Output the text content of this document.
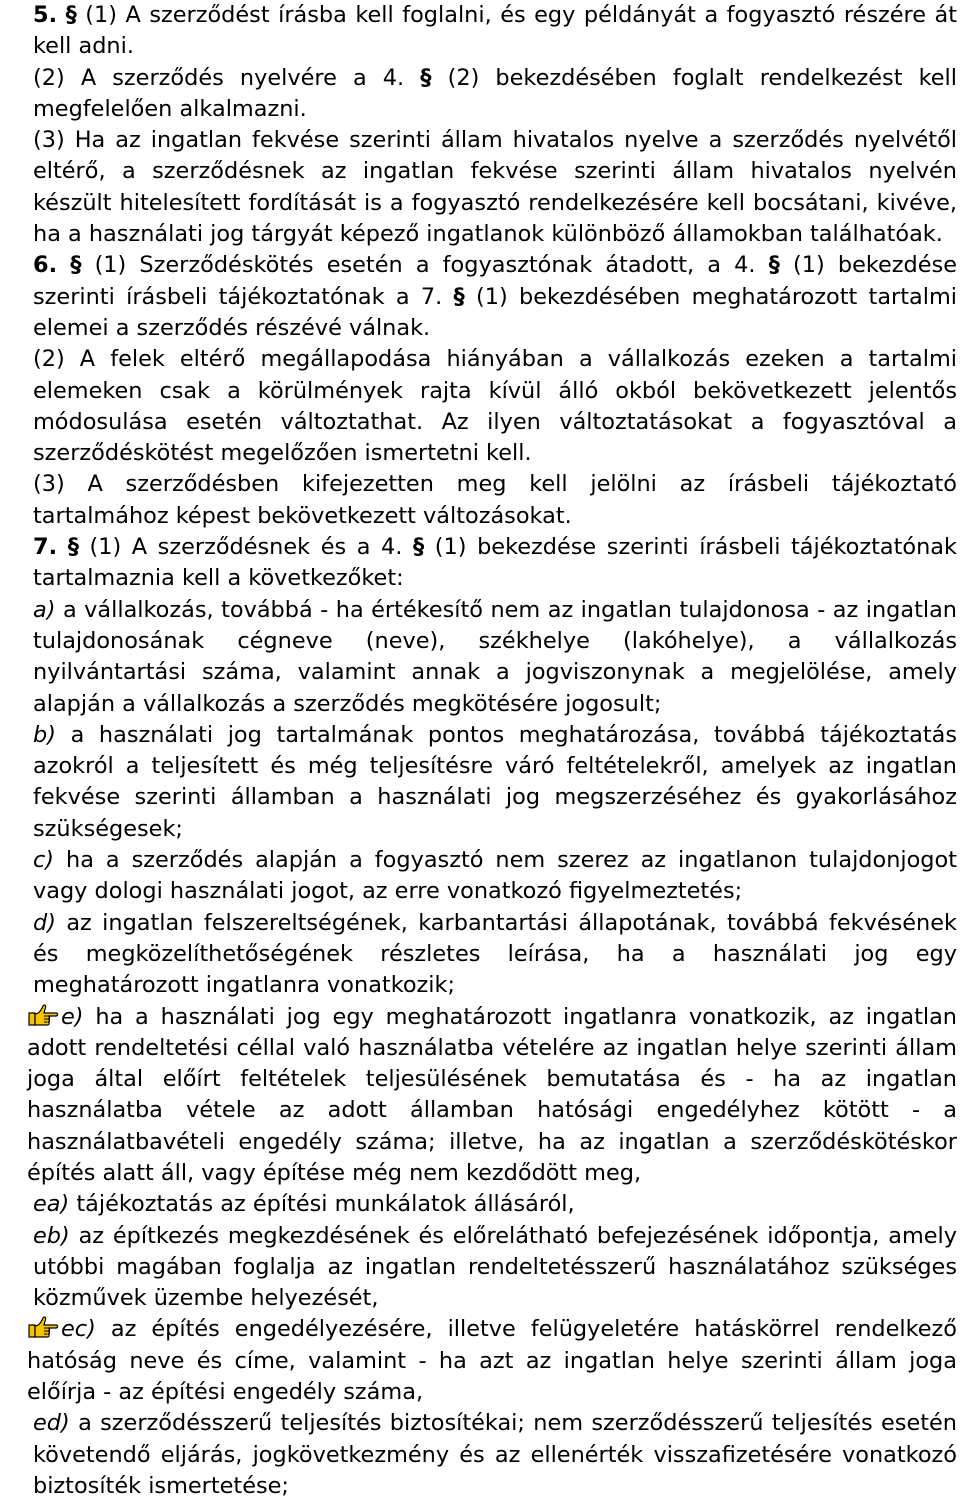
5. § (1) A szerződést írásba kell foglalni, és egy példányát a fogyasztó részére át kell adni.

(2) A szerződés nyelvére a 4. § (2) bekezdésében foglalt rendelkezést kell megfelelően alkalmazni.

(3) Ha az ingatlan fekvése szerinti állam hivatalos nyelve a szerződés nyelvétől eltérő, a szerződésnek az ingatlan fekvése szerinti állam hivatalos nyelvén készült hitelesített fordítását is a fogyasztó rendelkezésére kell bocsátani, kivéve, ha a használati jog tárgyát képező ingatlanok különböző államokban találhatóak.

6. § (1) Szerződéskötés esetén a fogyasztónak átadott, a 4. § (1) bekezdése szerinti írásbeli tájékoztatónak a 7. § (1) bekezdésében meghatározott tartalmi elemei a szerződés részévé válnak.

(2) A felek eltérő megállapodása hiányában a vállalkozás ezeken a tartalmi elemeken csak a körülmények rajta kívül álló okból bekövetkezett jelentős módosulása esetén változtathat. Az ilyen változtatásokat a fogyasztóval a szerződéskötést megelőzően ismertetni kell.

(3) A szerződésben kifejezetten meg kell jelölni az írásbeli tájékoztató tartalmához képest bekövetkezett változásokat.

7. § (1) A szerződésnek és a 4. § (1) bekezdése szerinti írásbeli tájékoztatónak tartalmaznia kell a következőket:

a) a vállalkozás, továbbá - ha értékesítő nem az ingatlan tulajdonosa - az ingatlan tulajdonosának cégneve (neve), székhelye (lakóhelye), a vállalkozás nyilvántartási száma, valamint annak a jogviszonynak a megjelölése, amely alapján a vállalkozás a szerződés megkötésére jogosult;

b) a használati jog tartalmának pontos meghatározása, továbbá tájékoztatás azokról a teljesített és még teljesítésre váró feltételekről, amelyek az ingatlan fekvése szerinti államban a használati jog megszerzéséhez és gyakorlásához szükségesek;

c) ha a szerződés alapján a fogyasztó nem szerez az ingatlanon tulajdonjogot vagy dologi használati jogot, az erre vonatkozó figyelmeztetés;

d) az ingatlan felszereltségének, karbantartási állapotának, továbbá fekvésének és megközelíthetőségének részletes leírása, ha a használati jog egy meghatározott ingatlanra vonatkozik;

e) ha a használati jog egy meghatározott ingatlanra vonatkozik, az ingatlan adott rendeltetési céllal való használatba vételére az ingatlan helye szerinti állam joga által előírt feltételek teljesülésének bemutatása és - ha az ingatlan használatba vétele az adott államban hatósági engedélyhez kötött - a használatbavételi engedély száma; illetve, ha az ingatlan a szerződéskötéskor építés alatt áll, vagy építése még nem kezdődött meg,

ea) tájékoztatás az építési munkálatok állásáról,

eb) az építkezés megkezdésének és előrelátható befejezésének időpontja, amely utóbbi magában foglalja az ingatlan rendeltetésszerű használatához szükséges közművek üzembe helyezését,

ec) az építés engedélyezésére, illetve felügyeletére hatáskörrel rendelkező hatóság neve és címe, valamint - ha azt az ingatlan helye szerinti állam joga előírja - az építési engedély száma,

ed) a szerződésszerű teljesítés biztosítékai; nem szerződésszerű teljesítés esetén követendő eljárás, jogkövetkezmény és az ellenérték visszafizetésére vonatkozó biztosíték ismertetése;
